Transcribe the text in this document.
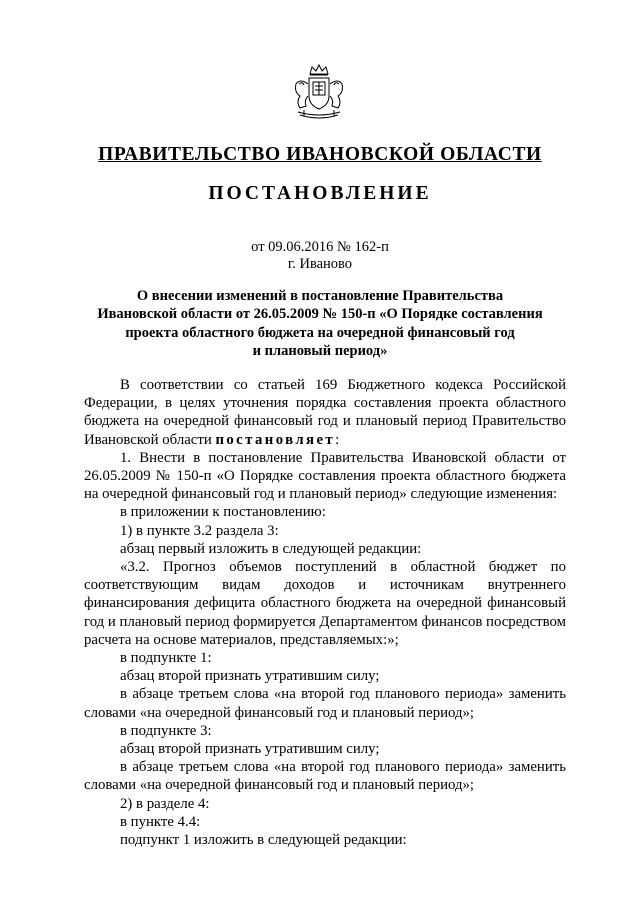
ПРАВИТЕЛЬСТВО ИВАНОВСКОЙ ОБЛАСТИ
ПОСТАНОВЛЕНИЕ
от 09.06.2016 № 162-п
г. Иваново
О внесении изменений в постановление Правительства
Ивановской области от 26.05.2009 № 150-п «О Порядке составления
проекта областного бюджета на очередной финансовый год
и плановый период»

В соответствии со статьей 169 Бюджетного кодекса Российской Федерации, в целях уточнения порядка составления проекта областного бюджета на очередной финансовый год и плановый период Правительство Ивановской области постановляет:

1. Внести в постановление Правительства Ивановской области от 26.05.2009 № 150-п «О Порядке составления проекта областного бюджета на очередной финансовый год и плановый период» следующие изменения:

в приложении к постановлению:

1) в пункте 3.2 раздела 3:

абзац первый изложить в следующей редакции:

«3.2. Прогноз объемов поступлений в областной бюджет по соответствующим видам доходов и источникам внутреннего финансирования дефицита областного бюджета на очередной финансовый год и плановый период формируется Департаментом финансов посредством расчета на основе материалов, представляемых:»;

в подпункте 1:

абзац второй признать утратившим силу;

в абзаце третьем слова «на второй год планового периода» заменить словами «на очередной финансовый год и плановый период»;

в подпункте 3:

абзац второй признать утратившим силу;

в абзаце третьем слова «на второй год планового периода» заменить словами «на очередной финансовый год и плановый период»;

2) в разделе 4:

в пункте 4.4:

подпункт 1 изложить в следующей редакции:
